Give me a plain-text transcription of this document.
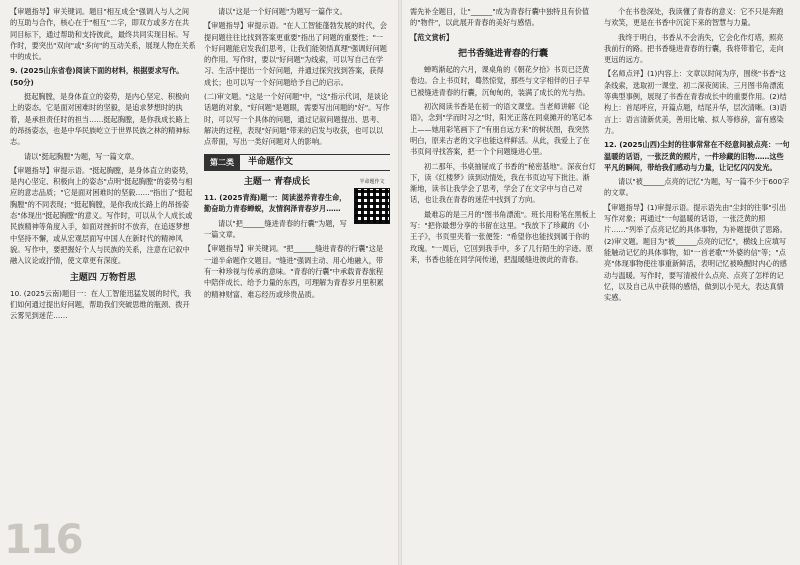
【审题指导】审关键词。题目"相互成全"强调人与人之间的互助与合作，核心在于"相互"二字，即双方或多方在共同目标下，通过帮助和支持彼此，最终共同实现目标。写作时，要突出"双向"或"多向"的互动关系，展现人物在关系中的成长。

9. (2025山东省卷)阅读下面的材料，根据要求写作。(50分)

挺起胸膛，是身体直立的姿势，是内心坚定、积极向上的姿态。它是面对困难时的坚毅，是追求梦想时的执着，是承担责任时的担当……挺起胸膛，是你我成长路上的昂扬姿态，也是中华民族屹立于世界民族之林的精神标志。

请以"挺起胸膛"为题，写一篇文章。

【审题指导】审提示语。"挺起胸膛，是身体直立的姿势，是内心坚定、积极向上的姿态"点明"挺起胸膛"的姿势与相应的意志品质；"它是面对困难时的坚毅……"指出了"挺起胸膛"的不同表现；"挺起胸膛，是你我成长路上的昂扬姿态"体现出"挺起胸膛"的意义。写作时，可以从个人成长或民族精神等角度入手，如面对挫折时不放弃，在追逐梦想中坚持不懈，或从宏观层面写中国人在新时代的精神风貌。写作中，要把握好个人与民族的关系，注意在记叙中融入议论或抒情，使文章更有深度。

主题四 万物哲思

10. (2025云南)题目一：在人工智能迅猛发展的时代，我们如何通过提出好问题，帮助我们突破思维的瓶颈、拨开云雾见到迷茫……

请以"这是一个好问题"为题写一篇作文。

【审题指导】审提示语。"在人工智能蓬勃发展的时代，会提问题往往比找到答案更重要"指出了问题的重要性；"一个好问题能启发我们思考，让我们能领悟真理"强调好问题的作用。写作时，要以"好问题"为线索，可以写自己在学习、生活中提出一个好问题，并通过探究找到答案，获得成长；也可以写一个好问题给予自己的启示。

(二)审文题。"这是一个好问题"中，"这"指示代词，是谈论话题的对象，"好问题"是题眼，需要写出问题的"好"。写作时，可以写一个具体的问题，通过记叙问题提出、思考、解决的过程，表现"好问题"带来的启发与收获，也可以以点带面，写出一类好问题对人的影响。

第二类	半命题作文
半命题作文
主题一 青春成长

11. (2025青海)题一：阅读滋养青春生命，勤奋助力青春蝉蜕，友情润泽青春岁月……

请以"把______缝进青春的行囊"为题，写一篇文章。

【审题指导】审关键词。"把______缝进青春的行囊"这是一道半命题作文题目。"缝进"强调主动、用心地融入，带有一种珍视与传承的意味。"青春的行囊"中承载青春旅程中陪伴成长、给予力量的东西，可理解为青春岁月里积累的精神财富、难忘经历或珍贵品质。

需先补全题目，让"______"成为青春行囊中独特且有价值的"物件"，以此展开青春的美好与感悟。

【范文赏析】

把书香缝进青春的行囊

蝉鸣渐起的六月，课桌角的《朝花夕拾》书页已泛黄卷边。合上书页时，蓦然惊觉，那些与文字相伴的日子早已被缝进青春的行囊，沉甸甸的，装满了成长的光与热。

初次阅读书香是在初一的语文课堂。当老师讲解《论语》，念到"学而时习之"时，阳光正落在同桌摊开的笔记本上——她用彩笔画下了"有朋自远方来"的树状图，我突然明白，原来古老的文字也能这样鲜活。从此，我爱上了在书页间寻找答案，把一个个问题缝进心里。

初二那年，书桌抽屉成了书香的"秘密基地"。深夜台灯下，读《红楼梦》读到动情处，我在书页边写下批注。渐渐地，读书让我学会了思考，学会了在文字中与自己对话，也让我在青春的迷茫中找到了方向。

最难忘的是三月的"图书角漂流"。班长用粉笔在黑板上写："把你最想分享的书留在这里。"我放下了珍藏的《小王子》，书页里夹着一张便签："希望你也能找到属于你的玫瑰。"一周后，它回到我手中，多了几行陌生的字迹。原来，书香也能在同学间传递，把温暖缝进彼此的青春。

个在书卷深处，我读懂了青春的意义：它不只是奔跑与欢笑，更是在书香中沉淀下来的智慧与力量。

我终于明白，书香从不会消失，它会化作灯塔，照亮我前行的路。把书香缝进青春的行囊，我将带着它，走向更远的远方。

【名师点评】(1)内容上：文章以时间为序，围绕"书香"这条线索，选取初一课堂、初二深夜阅读、三月图书角漂流等典型事例，展现了书香在青春成长中的重要作用。(2)结构上：首尾呼应，开篇点题，结尾升华，层次清晰。(3)语言上：语言清新优美，善用比喻、拟人等修辞，富有感染力。

12. (2025山西)尘封的往事常常在不经意间被点亮：一句温暖的话语，一张泛黄的照片，一件珍藏的旧物……这些平凡的瞬间，带给我们感动与力量，让记忆闪闪发光。

请以"被______点亮的记忆"为题，写一篇不少于600字的文章。

【审题指导】(1)审提示语。提示语先由"尘封的往事"引出写作对象；再通过"一句温暖的话语，一张泛黄的照片……"列举了点亮记忆的具体事物，为补题提供了思路。(2)审文题。题目为"被______点亮的记忆"，横线上应填写能触动记忆的具体事物，如"一首老歌""外婆的信"等；"点亮"体现事物使往事重新鲜活，表明记忆被唤醒时内心的感动与温暖。写作时，要写清被什么点亮、点亮了怎样的记忆，以及自己从中获得的感悟，做到以小见大，表达真情实感。

116
